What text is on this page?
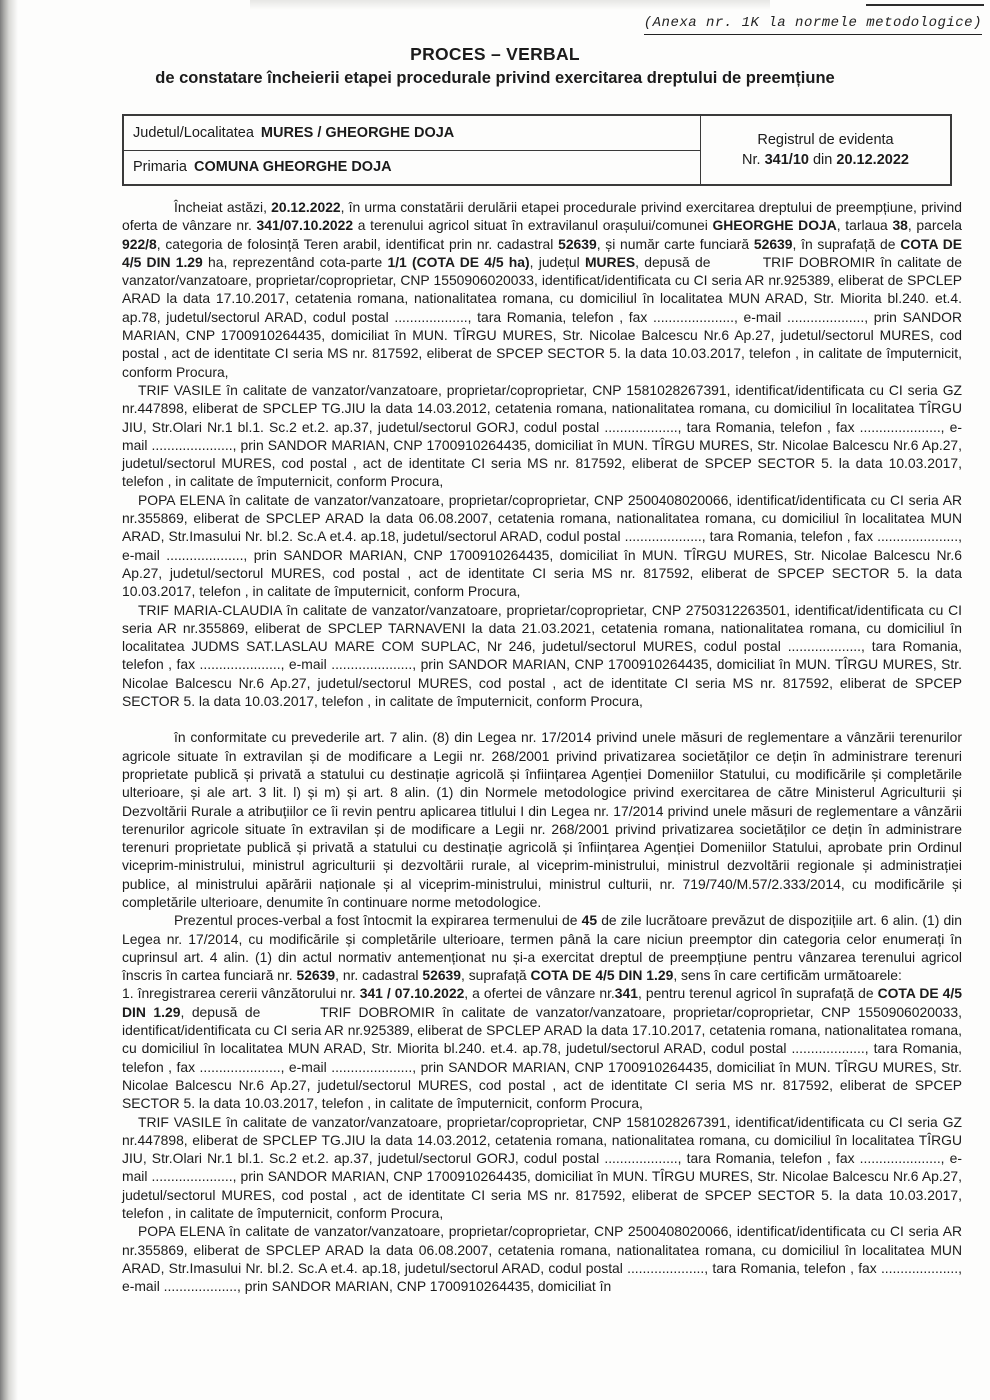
(Anexa nr. 1K la normele metodologice)

PROCES – VERBAL

de constatare încheierii etapei procedurale privind exercitarea dreptului de preemțiune

Judetul/Localitatea MURES / GHEORGHE DOJA
Primaria COMUNA GHEORGHE DOJA
Registrul de evidenta
Nr. 341/10 din 20.12.2022

Încheiat astăzi, 20.12.2022, în urma constatării derulării etapei procedurale privind exercitarea dreptului de preempțiune, privind oferta de vânzare nr. 341/07.10.2022 a terenului agricol situat în extravilanul orașului/comunei GHEORGHE DOJA, tarlaua 38, parcela 922/8, categoria de folosință Teren arabil, identificat prin nr. cadastral 52639, și număr carte funciară 52639, în suprafață de COTA DE 4/5 DIN 1.29 ha, reprezentând cota-parte 1/1 (COTA DE 4/5 ha), județul MURES, depusă de          TRIF DOBROMIR în calitate de vanzator/vanzatoare, proprietar/coproprietar, CNP 1550906020033, identificat/identificata cu CI seria AR nr.925389, eliberat de SPCLEP ARAD la data 17.10.2017, cetatenia romana, nationalitatea romana, cu domiciliul în localitatea MUN ARAD, Str. Miorita bl.240. et.4. ap.78, judetul/sectorul ARAD, codul postal ..................., tara Romania, telefon , fax ....................., e-mail ...................., prin SANDOR MARIAN, CNP 1700910264435, domiciliat în MUN. TÎRGU MURES, Str. Nicolae Balcescu Nr.6 Ap.27, judetul/sectorul MURES, cod postal , act de identitate CI seria MS nr. 817592, eliberat de SPCEP SECTOR 5. la data 10.03.2017, telefon , in calitate de împuternicit, conform Procura,

TRIF VASILE în calitate de vanzator/vanzatoare, proprietar/coproprietar, CNP 1581028267391, identificat/identificata cu CI seria GZ nr.447898, eliberat de SPCLEP TG.JIU la data 14.03.2012, cetatenia romana, nationalitatea romana, cu domiciliul în localitatea TÎRGU JIU, Str.Olari Nr.1 bl.1. Sc.2 et.2. ap.37, judetul/sectorul GORJ, codul postal ..................., tara Romania, telefon , fax ....................., e-mail ....................., prin SANDOR MARIAN, CNP 1700910264435, domiciliat în MUN. TÎRGU MURES, Str. Nicolae Balcescu Nr.6 Ap.27, judetul/sectorul MURES, cod postal , act de identitate CI seria MS nr. 817592, eliberat de SPCEP SECTOR 5. la data 10.03.2017, telefon , in calitate de împuternicit, conform Procura,

POPA ELENA în calitate de vanzator/vanzatoare, proprietar/coproprietar, CNP 2500408020066, identificat/identificata cu CI seria AR nr.355869, eliberat de SPCLEP ARAD la data 06.08.2007, cetatenia romana, nationalitatea romana, cu domiciliul în localitatea MUN ARAD, Str.Imasului Nr. bl.2. Sc.A et.4. ap.18, judetul/sectorul ARAD, codul postal ...................., tara Romania, telefon , fax ....................., e-mail ...................., prin SANDOR MARIAN, CNP 1700910264435, domiciliat în MUN. TÎRGU MURES, Str. Nicolae Balcescu Nr.6 Ap.27, judetul/sectorul MURES, cod postal , act de identitate CI seria MS nr. 817592, eliberat de SPCEP SECTOR 5. la data 10.03.2017, telefon , in calitate de împuternicit, conform Procura,

TRIF MARIA-CLAUDIA în calitate de vanzator/vanzatoare, proprietar/coproprietar, CNP 2750312263501, identificat/identificata cu CI seria AR nr.355869, eliberat de SPCLEP TARNAVENI la data 21.03.2021, cetatenia romana, nationalitatea romana, cu domiciliul în localitatea JUDMS SAT.LASLAU MARE COM SUPLAC, Nr 246, judetul/sectorul MURES, codul postal ..................., tara Romania, telefon , fax ....................., e-mail ....................., prin SANDOR MARIAN, CNP 1700910264435, domiciliat în MUN. TÎRGU MURES, Str. Nicolae Balcescu Nr.6 Ap.27, judetul/sectorul MURES, cod postal , act de identitate CI seria MS nr. 817592, eliberat de SPCEP SECTOR 5. la data 10.03.2017, telefon , in calitate de împuternicit, conform Procura,

în conformitate cu prevederile art. 7 alin. (8) din Legea nr. 17/2014 privind unele măsuri de reglementare a vânzării terenurilor agricole situate în extravilan și de modificare a Legii nr. 268/2001 privind privatizarea societăților ce dețin în administrare terenuri proprietate publică și privată a statului cu destinație agricolă și înființarea Agenției Domeniilor Statului, cu modificările și completările ulterioare, și ale art. 3 lit. l) și m) și art. 8 alin. (1) din Normele metodologice privind exercitarea de către Ministerul Agriculturii și Dezvoltării Rurale a atribuțiilor ce îi revin pentru aplicarea titlului I din Legea nr. 17/2014 privind unele măsuri de reglementare a vânzării terenurilor agricole situate în extravilan și de modificare a Legii nr. 268/2001 privind privatizarea societăților ce dețin în administrare terenuri proprietate publică și privată a statului cu destinație agricolă și înființarea Agenției Domeniilor Statului, aprobate prin Ordinul viceprim-ministrului, ministrul agriculturii și dezvoltării rurale, al viceprim-ministrului, ministrul dezvoltării regionale și administrației publice, al ministrului apărării naționale și al viceprim-ministrului, ministrul culturii, nr. 719/740/M.57/2.333/2014, cu modificările și completările ulterioare, denumite în continuare norme metodologice.

Prezentul proces-verbal a fost întocmit la expirarea termenului de 45 de zile lucrătoare prevăzut de dispozițiile art. 6 alin. (1) din Legea nr. 17/2014, cu modificările și completările ulterioare, termen până la care niciun preemptor din categoria celor enumerați în cuprinsul art. 4 alin. (1) din actul normativ antemenționat nu și-a exercitat dreptul de preempțiune pentru vânzarea terenului agricol înscris în cartea funciară nr. 52639, nr. cadastral 52639, suprafață COTA DE 4/5 DIN 1.29, sens în care certificăm următoarele:

1. înregistrarea cererii vânzătorului nr. 341 / 07.10.2022, a ofertei de vânzare nr.341, pentru terenul agricol în suprafață de COTA DE 4/5 DIN 1.29, depusă de        TRIF DOBROMIR în calitate de vanzator/vanzatoare, proprietar/coproprietar, CNP 1550906020033, identificat/identificata cu CI seria AR nr.925389, eliberat de SPCLEP ARAD la data 17.10.2017, cetatenia romana, nationalitatea romana, cu domiciliul în localitatea MUN ARAD, Str. Miorita bl.240. et.4. ap.78, judetul/sectorul ARAD, codul postal ..................., tara Romania, telefon , fax ....................., e-mail ....................., prin SANDOR MARIAN, CNP 1700910264435, domiciliat în MUN. TÎRGU MURES, Str. Nicolae Balcescu Nr.6 Ap.27, judetul/sectorul MURES, cod postal , act de identitate CI seria MS nr. 817592, eliberat de SPCEP SECTOR 5. la data 10.03.2017, telefon , in calitate de împuternicit, conform Procura,

TRIF VASILE în calitate de vanzator/vanzatoare, proprietar/coproprietar, CNP 1581028267391, identificat/identificata cu CI seria GZ nr.447898, eliberat de SPCLEP TG.JIU la data 14.03.2012, cetatenia romana, nationalitatea romana, cu domiciliul în localitatea TÎRGU JIU, Str.Olari Nr.1 bl.1. Sc.2 et.2. ap.37, judetul/sectorul GORJ, codul postal ..................., tara Romania, telefon , fax ....................., e-mail ....................., prin SANDOR MARIAN, CNP 1700910264435, domiciliat în MUN. TÎRGU MURES, Str. Nicolae Balcescu Nr.6 Ap.27, judetul/sectorul MURES, cod postal , act de identitate CI seria MS nr. 817592, eliberat de SPCEP SECTOR 5. la data 10.03.2017, telefon , in calitate de împuternicit, conform Procura,

POPA ELENA în calitate de vanzator/vanzatoare, proprietar/coproprietar, CNP 2500408020066, identificat/identificata cu CI seria AR nr.355869, eliberat de SPCLEP ARAD la data 06.08.2007, cetatenia romana, nationalitatea romana, cu domiciliul în localitatea MUN ARAD, Str.Imasului Nr. bl.2. Sc.A et.4. ap.18, judetul/sectorul ARAD, codul postal ...................., tara Romania, telefon , fax ...................., e-mail ..................., prin SANDOR MARIAN, CNP 1700910264435, domiciliat în
